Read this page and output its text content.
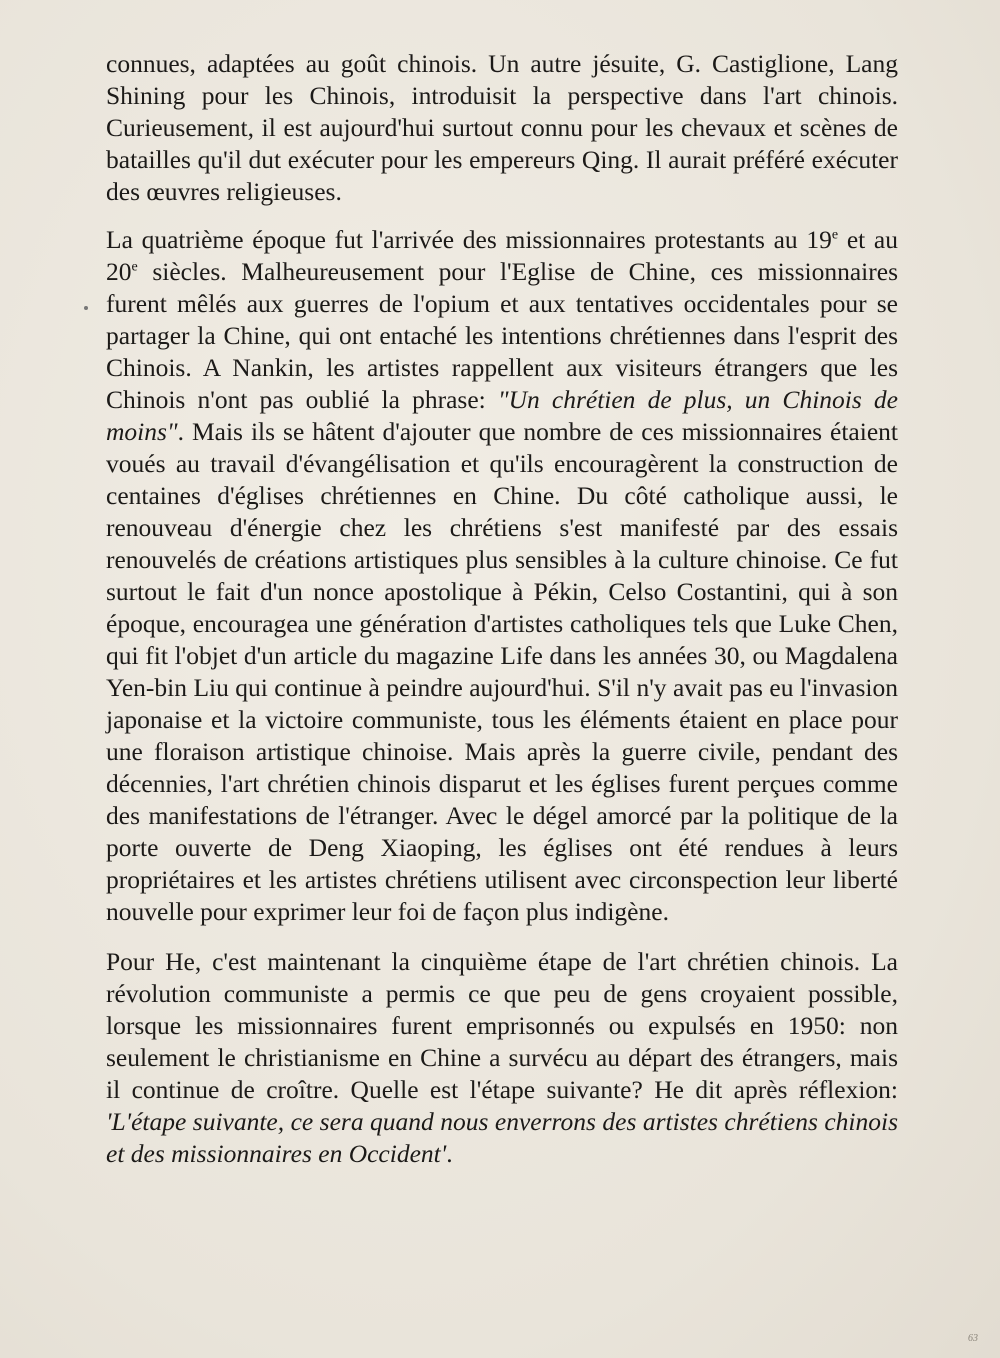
connues, adaptées au goût chinois. Un autre jésuite, G. Castiglione, Lang Shining pour les Chinois, introduisit la perspective dans l'art chinois. Curieusement, il est aujourd'hui surtout connu pour les chevaux et scènes de batailles qu'il dut exécuter pour les empereurs Qing. Il aurait préféré exécuter des œuvres religieuses.

La quatrième époque fut l'arrivée des missionnaires protestants au 19e et au 20e siècles. Malheureusement pour l'Eglise de Chine, ces missionnaires furent mêlés aux guerres de l'opium et aux tentatives occidentales pour se partager la Chine, qui ont entaché les intentions chrétiennes dans l'esprit des Chinois. A Nankin, les artistes rappellent aux visiteurs étrangers que les Chinois n'ont pas oublié la phrase: "Un chrétien de plus, un Chinois de moins". Mais ils se hâtent d'ajouter que nombre de ces missionnaires étaient voués au travail d'évangélisation et qu'ils encouragèrent la construction de centaines d'églises chrétiennes en Chine. Du côté catholique aussi, le renouveau d'énergie chez les chrétiens s'est manifesté par des essais renouvelés de créations artistiques plus sensibles à la culture chinoise. Ce fut surtout le fait d'un nonce apostolique à Pékin, Celso Costantini, qui à son époque, encouragea une génération d'artistes catholiques tels que Luke Chen, qui fit l'objet d'un article du magazine Life dans les années 30, ou Magdalena Yen-bin Liu qui continue à peindre aujourd'hui. S'il n'y avait pas eu l'invasion japonaise et la victoire communiste, tous les éléments étaient en place pour une floraison artistique chinoise. Mais après la guerre civile, pendant des décennies, l'art chrétien chinois disparut et les églises furent perçues comme des manifestations de l'étranger. Avec le dégel amorcé par la politique de la porte ouverte de Deng Xiaoping, les églises ont été rendues à leurs propriétaires et les artistes chrétiens utilisent avec circonspection leur liberté nouvelle pour exprimer leur foi de façon plus indigène.

Pour He, c'est maintenant la cinquième étape de l'art chrétien chinois. La révolution communiste a permis ce que peu de gens croyaient possible, lorsque les missionnaires furent emprisonnés ou expulsés en 1950: non seulement le christianisme en Chine a survécu au départ des étrangers, mais il continue de croître. Quelle est l'étape suivante? He dit après réflexion: 'L'étape suivante, ce sera quand nous enverrons des artistes chrétiens chinois et des missionnaires en Occident'.

63
